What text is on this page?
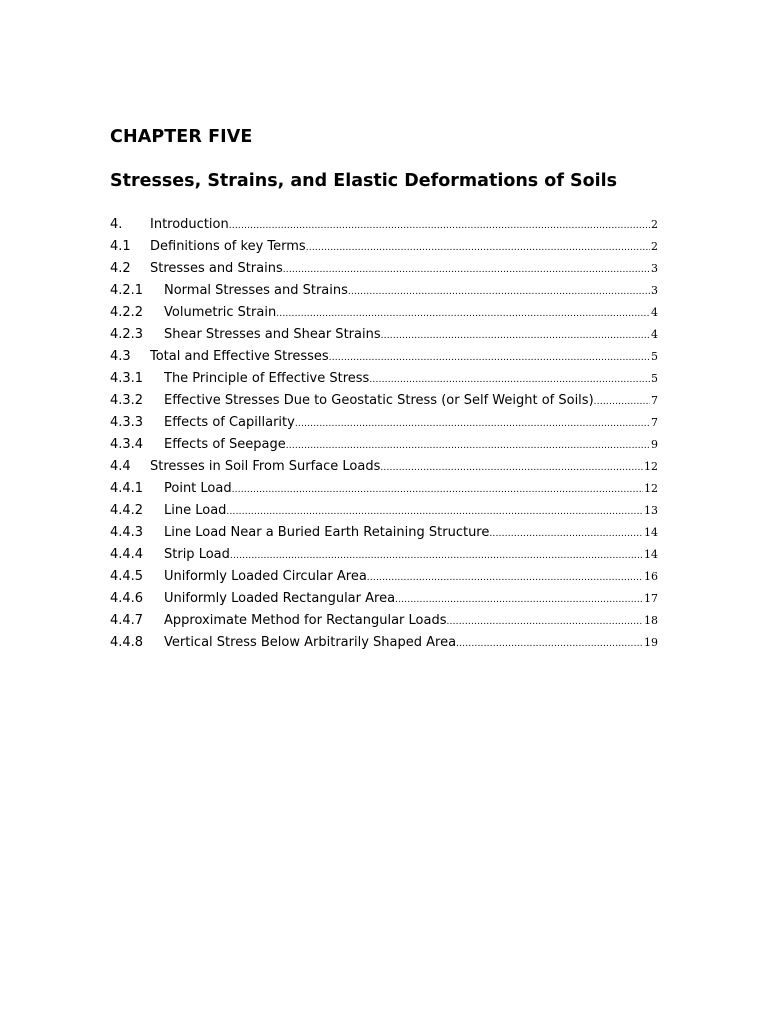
CHAPTER FIVE
Stresses, Strains, and Elastic Deformations of Soils
4.	Introduction .....	2
4.1	Definitions of key Terms .....	2
4.2	Stresses and Strains .....	3
4.2.1	Normal Stresses and Strains .....	3
4.2.2	Volumetric Strain .....	4
4.2.3	Shear Stresses and Shear Strains .....	4
4.3	Total and Effective Stresses .....	5
4.3.1	The Principle of Effective Stress .....	5
4.3.2	Effective Stresses Due to Geostatic Stress (or Self Weight of Soils) .....	7
4.3.3	Effects of Capillarity .....	7
4.3.4	Effects of Seepage .....	9
4.4	Stresses in Soil From Surface Loads .....	12
4.4.1	Point Load .....	12
4.4.2	Line Load .....	13
4.4.3	Line Load Near a Buried Earth Retaining Structure .....	14
4.4.4	Strip Load .....	14
4.4.5	Uniformly Loaded Circular Area .....	16
4.4.6	Uniformly Loaded Rectangular Area .....	17
4.4.7	Approximate Method for Rectangular Loads .....	18
4.4.8	Vertical Stress Below Arbitrarily Shaped Area .....	19
